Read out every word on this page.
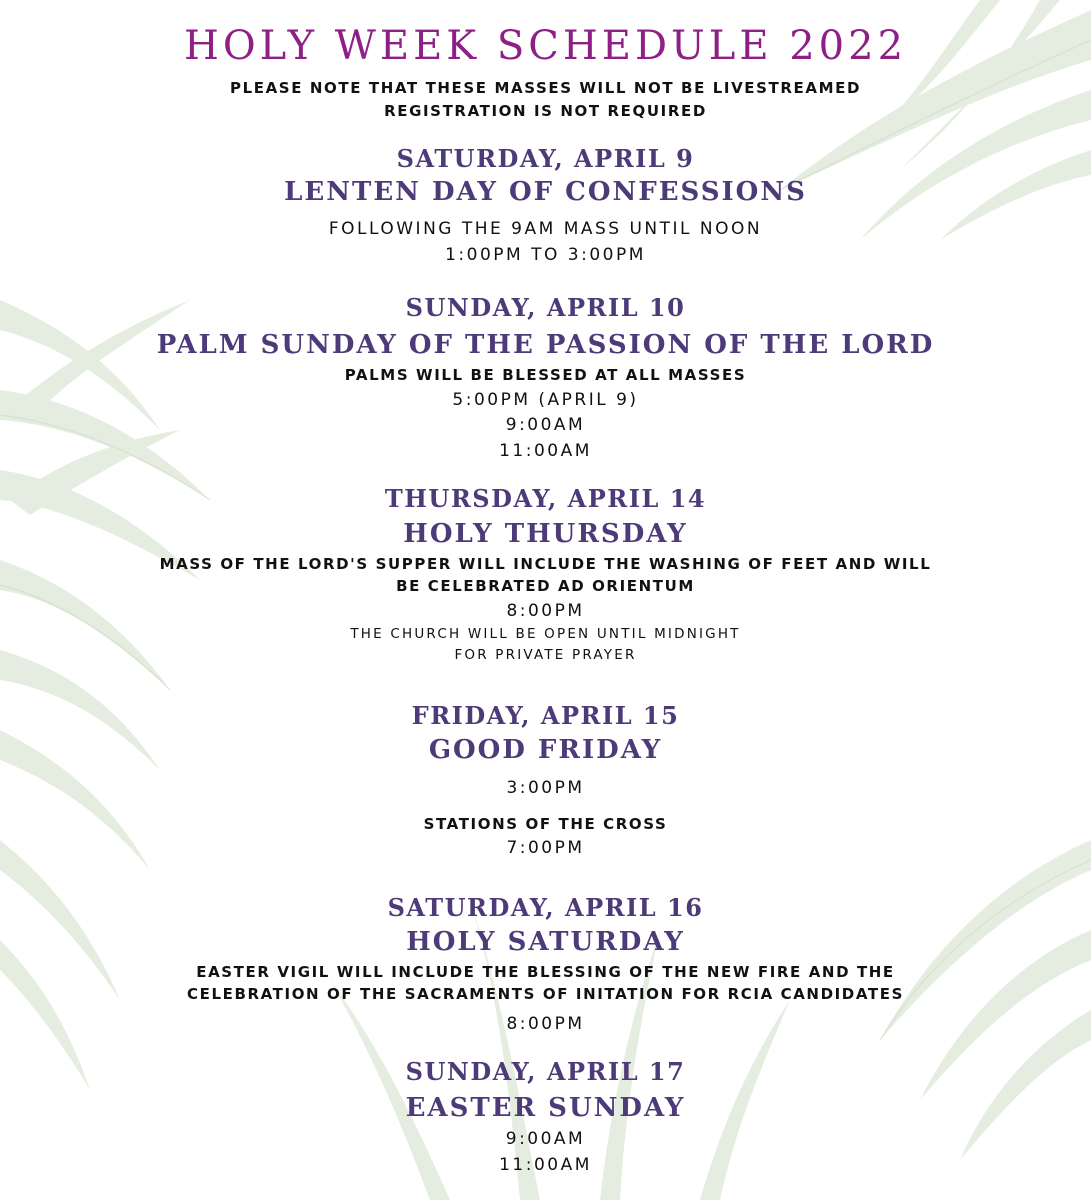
HOLY WEEK SCHEDULE 2022

PLEASE NOTE THAT THESE MASSES WILL NOT BE LIVESTREAMED

REGISTRATION IS NOT REQUIRED

SATURDAY, APRIL 9
LENTEN DAY OF CONFESSIONS

FOLLOWING THE 9AM MASS UNTIL NOON

1:00PM TO 3:00PM

SUNDAY, APRIL 10
PALM SUNDAY OF THE PASSION OF THE LORD

PALMS WILL BE BLESSED AT ALL MASSES

5:00PM (APRIL 9)

9:00AM

11:00AM

THURSDAY, APRIL 14
HOLY THURSDAY

MASS OF THE LORD'S SUPPER WILL INCLUDE THE WASHING OF FEET AND WILL

BE CELEBRATED AD ORIENTUM

8:00PM

THE CHURCH WILL BE OPEN UNTIL MIDNIGHT

FOR PRIVATE PRAYER

FRIDAY, APRIL 15
GOOD FRIDAY

3:00PM

STATIONS OF THE CROSS

7:00PM

SATURDAY, APRIL 16
HOLY SATURDAY

EASTER VIGIL WILL INCLUDE THE BLESSING OF THE NEW FIRE AND THE

CELEBRATION OF THE SACRAMENTS OF INITATION FOR RCIA CANDIDATES

8:00PM

SUNDAY, APRIL 17
EASTER SUNDAY

9:00AM

11:00AM
